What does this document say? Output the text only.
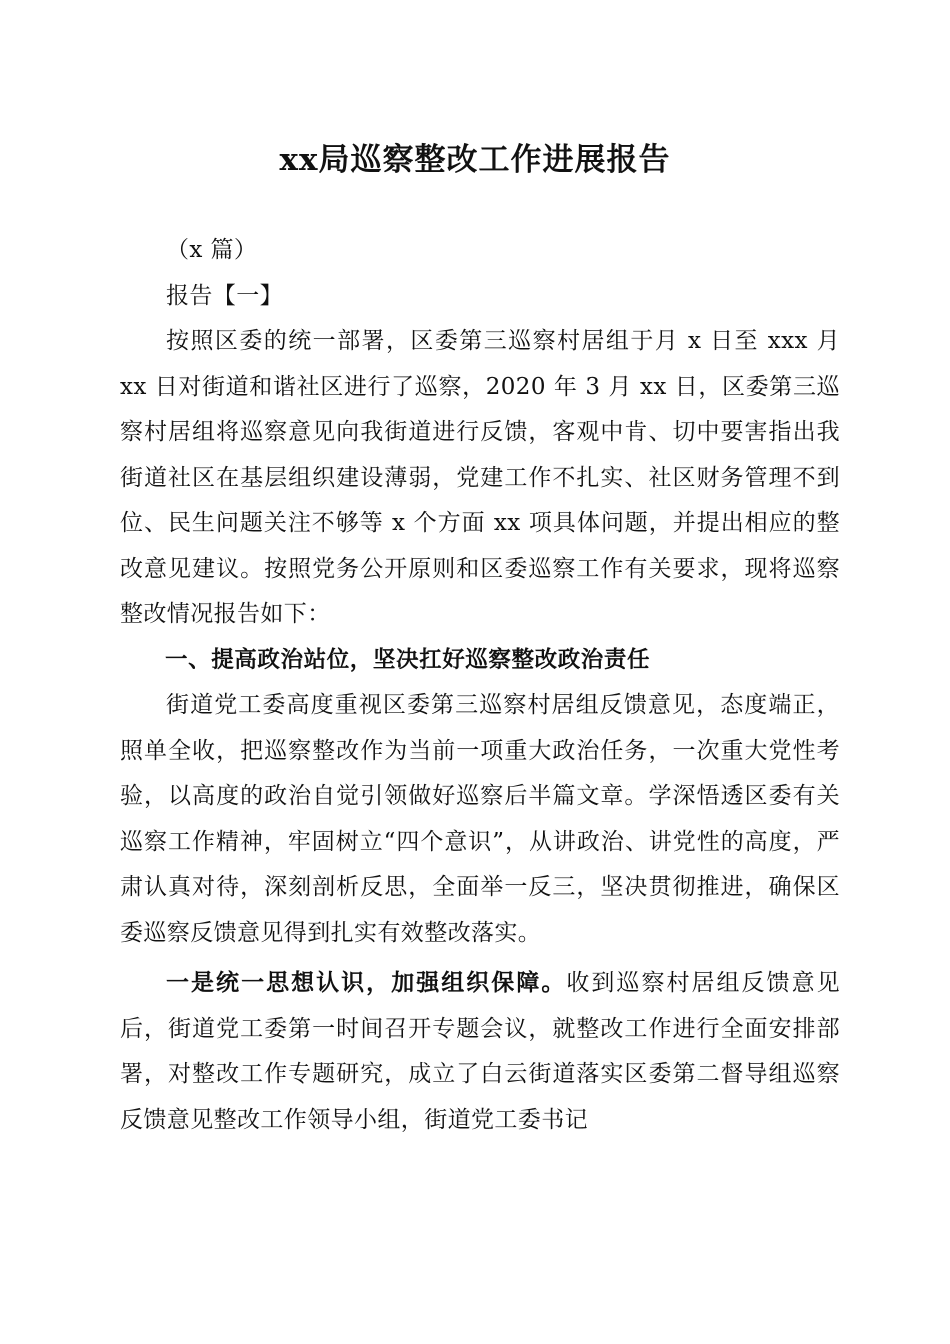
xx局巡察整改工作进展报告

（x 篇）

报告【一】

按照区委的统一部署，区委第三巡察村居组于月 x 日至 xxx 月 xx 日对街道和谐社区进行了巡察，2020 年 3 月 xx 日，区委第三巡察村居组将巡察意见向我街道进行反馈，客观中肯、切中要害指出我街道社区在基层组织建设薄弱，党建工作不扎实、社区财务管理不到位、民生问题关注不够等 x 个方面 xx 项具体问题，并提出相应的整改意见建议。按照党务公开原则和区委巡察工作有关要求，现将巡察整改情况报告如下：

一、提高政治站位，坚决扛好巡察整改政治责任

街道党工委高度重视区委第三巡察村居组反馈意见，态度端正，照单全收，把巡察整改作为当前一项重大政治任务，一次重大党性考验，以高度的政治自觉引领做好巡察后半篇文章。学深悟透区委有关巡察工作精神，牢固树立“四个意识”，从讲政治、讲党性的高度，严肃认真对待，深刻剖析反思，全面举一反三，坚决贯彻推进，确保区委巡察反馈意见得到扎实有效整改落实。

一是统一思想认识，加强组织保障。收到巡察村居组反馈意见后，街道党工委第一时间召开专题会议，就整改工作进行全面安排部署，对整改工作专题研究，成立了白云街道落实区委第二督导组巡察反馈意见整改工作领导小组，街道党工委书记
